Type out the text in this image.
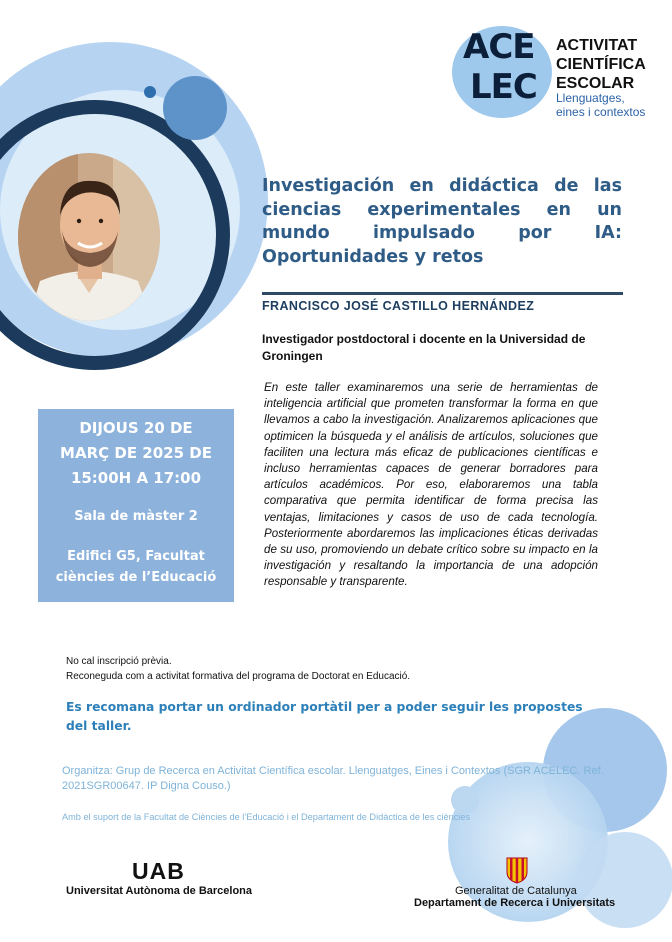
ACE
LEC
ACTIVITAT
CIENTÍFICA
ESCOLAR
Llenguatges,
eines i contextos
Investigación en didáctica de las ciencias experimentales en un mundo impulsado por IA: Oportunidades y retos
FRANCISCO JOSÉ CASTILLO HERNÁNDEZ
Investigador postdoctoral i docente en la Universidad de Groningen
En este taller examinaremos una serie de herramientas de inteligencia artificial que prometen transformar la forma en que llevamos a cabo la investigación. Analizaremos aplicaciones que optimicen la búsqueda y el análisis de artículos, soluciones que faciliten una lectura más eficaz de publicaciones científicas e incluso herramientas capaces de generar borradores para artículos académicos. Por eso, elaboraremos una tabla comparativa que permita identificar de forma precisa las ventajas, limitaciones y casos de uso de cada tecnología. Posteriormente abordaremos las implicaciones éticas derivadas de su uso, promoviendo un debate crítico sobre su impacto en la investigación y resaltando la importancia de una adopción responsable y transparente.
DIJOUS 20 DE
MARÇ DE 2025 DE
15:00H A 17:00
Sala de màster 2
Edifici G5, Facultat
ciències de l’Educació
No cal inscripció prèvia.
Reconeguda com a activitat formativa del programa de Doctorat en Educació.
Es recomana portar un ordinador portàtil per a poder seguir les propostes del taller.
Organitza: Grup de Recerca en Activitat Científica escolar. Llenguatges, Eines i Contextos (SGR ACELEC. Ref. 2021SGR00647. IP Digna Couso.)
Amb el suport de la Facultat de Ciències de l’Educació i el Departament de Didàctica de les ciències
UAB
Universitat Autònoma de Barcelona	Generalitat de Catalunya
Departament de Recerca i Universitats
